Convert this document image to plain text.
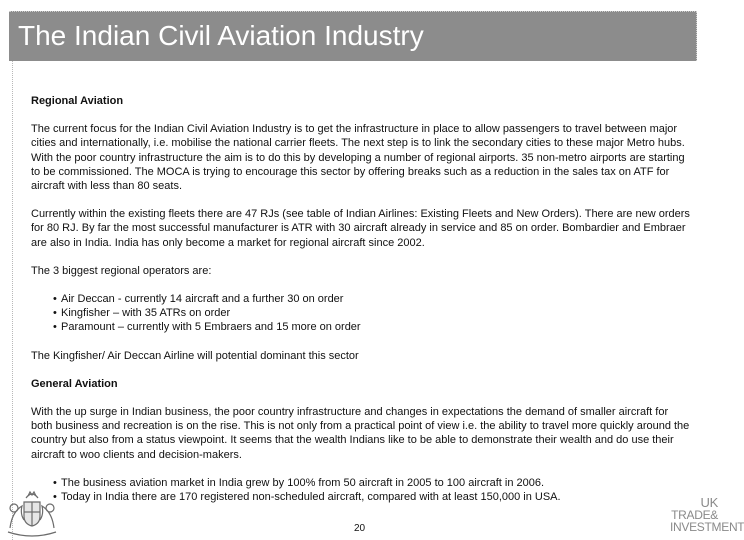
The Indian Civil Aviation Industry

Regional Aviation

The current focus for the Indian Civil Aviation Industry is to get the infrastructure in place to allow passengers to travel between major cities and internationally, i.e. mobilise the national carrier fleets. The next step is to link the secondary cities to these major Metro hubs. With the poor country infrastructure the aim is to do this by developing a number of regional airports. 35 non-metro airports are starting to be commissioned. The MOCA is trying to encourage this sector by offering breaks such as a reduction in the sales tax on ATF for aircraft with less than 80 seats.

Currently within the existing fleets there are 47 RJs (see table of Indian Airlines: Existing Fleets and New Orders). There are new orders for 80 RJ. By far the most successful manufacturer is ATR with 30 aircraft already in service and 85 on order. Bombardier and Embraer are also in India. India has only become a market for regional aircraft since 2002.

The 3 biggest regional operators are:

• Air Deccan - currently 14 aircraft and a further 30 on order
• Kingfisher – with 35 ATRs on order
• Paramount – currently with 5 Embraers and 15 more on order

The Kingfisher/ Air Deccan Airline will potential dominant this sector

General Aviation

With the up surge in Indian business, the poor country infrastructure and changes in expectations the demand of smaller aircraft for both business and recreation is on the rise. This is not only from a practical point of view i.e. the ability to travel more quickly around the country but also from a status viewpoint. It seems that the wealth Indians like to be able to demonstrate their wealth and do use their aircraft to woo clients and decision-makers.

• The business aviation market in India grew by 100% from 50 aircraft in 2005 to 100 aircraft in 2006.
• Today in India there are 170 registered non-scheduled aircraft, compared with at least 150,000 in USA.
20
UK
TRADE&
INVESTMENT
